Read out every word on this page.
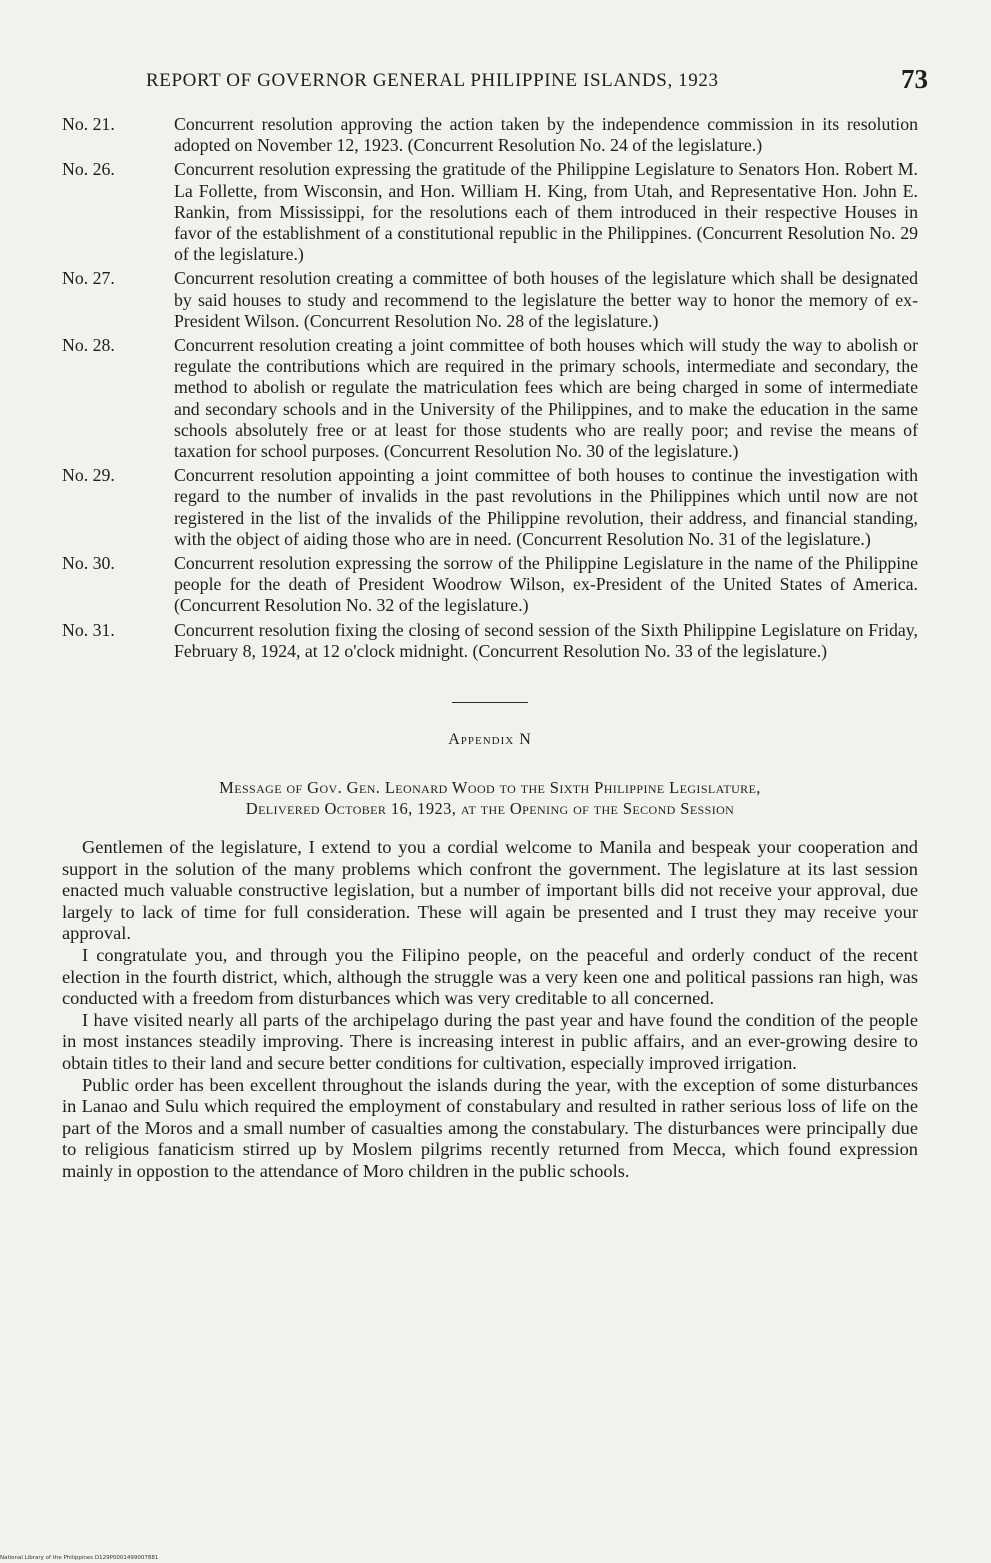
REPORT OF GOVERNOR GENERAL PHILIPPINE ISLANDS, 1923	73

No. 21.	Concurrent resolution approving the action taken by the independence commission in its resolution adopted on November 12, 1923. (Concurrent Resolution No. 24 of the legislature.)

No. 26.	Concurrent resolution expressing the gratitude of the Philippine Legislature to Senators Hon. Robert M. La Follette, from Wisconsin, and Hon. William H. King, from Utah, and Representative Hon. John E. Rankin, from Mississippi, for the resolutions each of them introduced in their respective Houses in favor of the establishment of a constitutional republic in the Philippines. (Concurrent Resolution No. 29 of the legislature.)

No. 27.	Concurrent resolution creating a committee of both houses of the legislature which shall be designated by said houses to study and recommend to the legislature the better way to honor the memory of ex-President Wilson. (Concurrent Resolution No. 28 of the legislature.)

No. 28.	Concurrent resolution creating a joint committee of both houses which will study the way to abolish or regulate the contributions which are required in the primary schools, intermediate and secondary, the method to abolish or regulate the matriculation fees which are being charged in some of intermediate and secondary schools and in the University of the Philippines, and to make the education in the same schools absolutely free or at least for those students who are really poor; and revise the means of taxation for school purposes. (Concurrent Resolution No. 30 of the legislature.)

No. 29.	Concurrent resolution appointing a joint committee of both houses to continue the investigation with regard to the number of invalids in the past revolutions in the Philippines which until now are not registered in the list of the invalids of the Philippine revolution, their address, and financial standing, with the object of aiding those who are in need. (Concurrent Resolution No. 31 of the legislature.)

No. 30.	Concurrent resolution expressing the sorrow of the Philippine Legislature in the name of the Philippine people for the death of President Woodrow Wilson, ex-President of the United States of America. (Concurrent Resolution No. 32 of the legislature.)

No. 31.	Concurrent resolution fixing the closing of second session of the Sixth Philippine Legislature on Friday, February 8, 1924, at 12 o'clock midnight. (Concurrent Resolution No. 33 of the legislature.)

Appendix N
Message of Gov. Gen. Leonard Wood to the Sixth Philippine Legislature,
Delivered October 16, 1923, at the Opening of the Second Session

Gentlemen of the legislature, I extend to you a cordial welcome to Manila and bespeak your cooperation and support in the solution of the many problems which confront the government. The legislature at its last session enacted much valuable constructive legislation, but a number of important bills did not receive your approval, due largely to lack of time for full consideration. These will again be presented and I trust they may receive your approval.

I congratulate you, and through you the Filipino people, on the peaceful and orderly conduct of the recent election in the fourth district, which, although the struggle was a very keen one and political passions ran high, was conducted with a freedom from disturbances which was very creditable to all concerned.

I have visited nearly all parts of the archipelago during the past year and have found the condition of the people in most instances steadily improving. There is increasing interest in public affairs, and an ever-growing desire to obtain titles to their land and secure better conditions for cultivation, especially improved irrigation.

Public order has been excellent throughout the islands during the year, with the exception of some disturbances in Lanao and Sulu which required the employment of constabulary and resulted in rather serious loss of life on the part of the Moros and a small number of casualties among the constabulary. The disturbances were principally due to religious fanaticism stirred up by Moslem pilgrims recently returned from Mecca, which found expression mainly in oppostion to the attendance of Moro children in the public schools.

National Library of the Philippines D129P0001499007881
